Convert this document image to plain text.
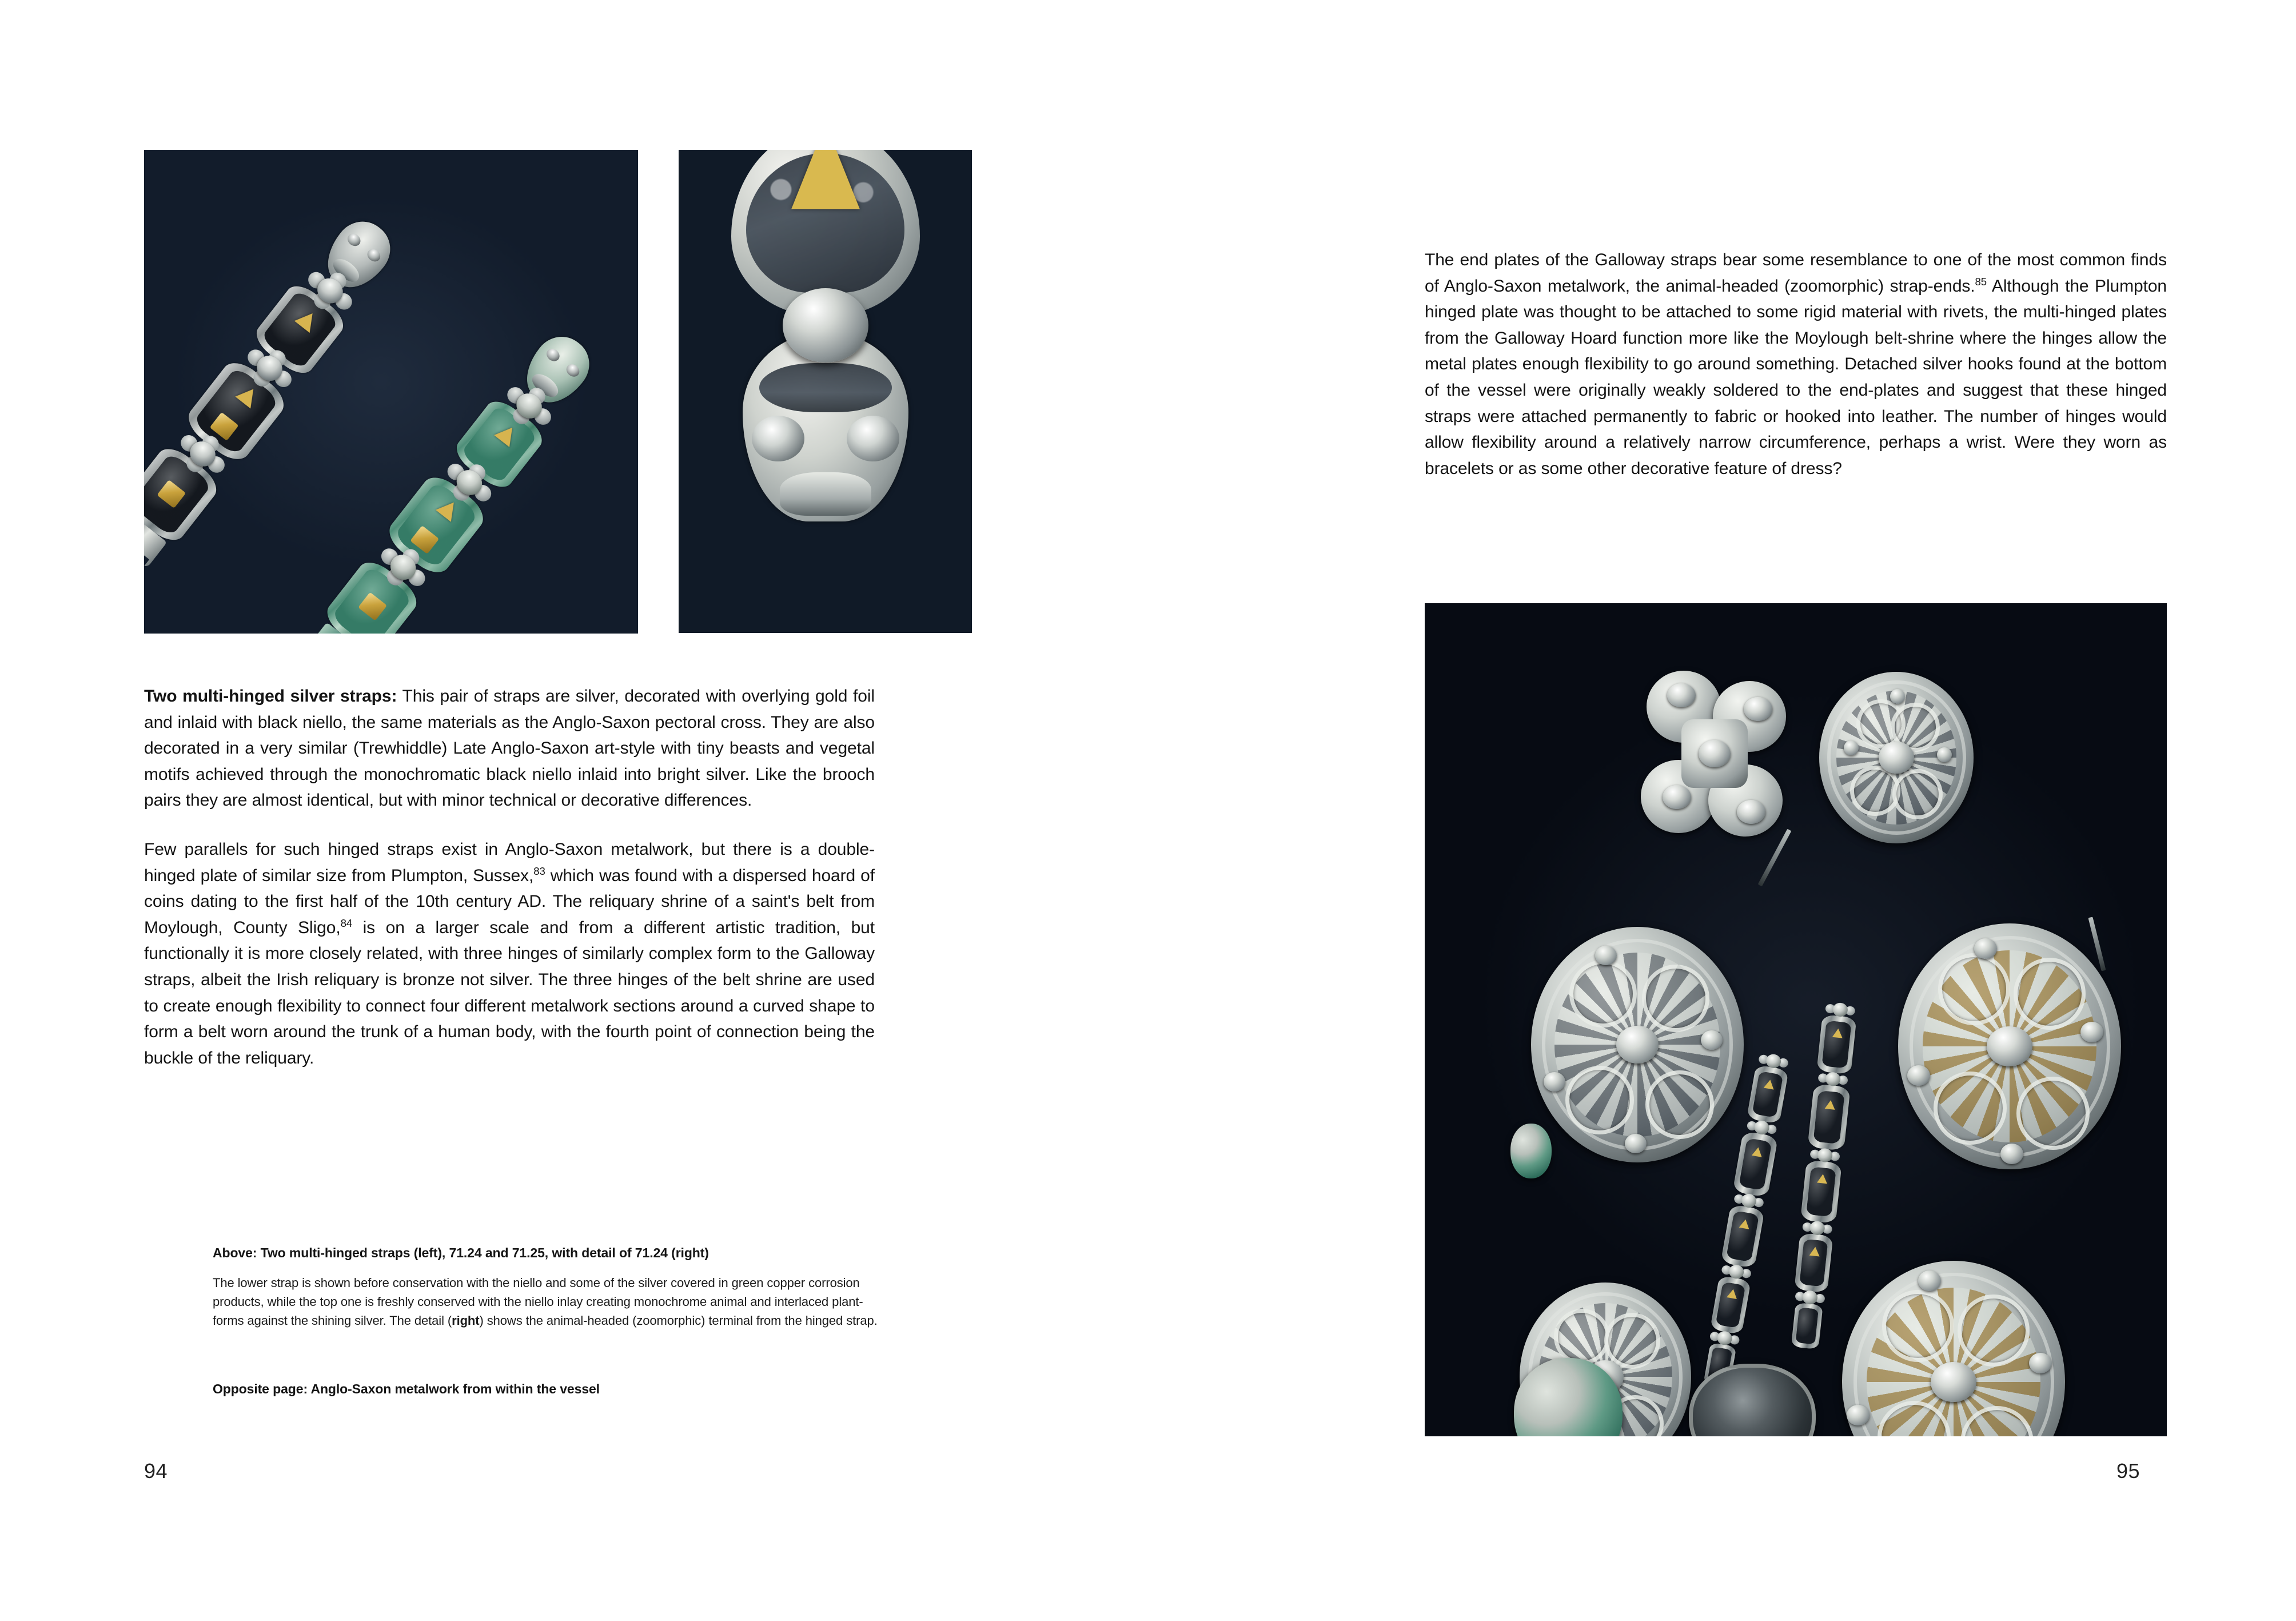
Two multi-hinged silver straps: This pair of straps are silver, decorated with overlying gold foil and inlaid with black niello, the same materials as the Anglo-Saxon pectoral cross. They are also decorated in a very similar (Trewhiddle) Late Anglo-Saxon art-style with tiny beasts and vegetal motifs achieved through the monochromatic black niello inlaid into bright silver. Like the brooch pairs they are almost identical, but with minor technical or decorative differences.

Few parallels for such hinged straps exist in Anglo-Saxon metalwork, but there is a double-hinged plate of similar size from Plumpton, Sussex,$^{83}$ which was found with a dispersed hoard of coins dating to the first half of the 10th century AD. The reliquary shrine of a saint's belt from Moylough, County Sligo,$^{84}$ is on a larger scale and from a different artistic tradition, but functionally it is more closely related, with three hinges of similarly complex form to the Galloway straps, albeit the Irish reliquary is bronze not silver. The three hinges of the belt shrine are used to create enough flexibility to connect four different metalwork sections around a curved shape to form a belt worn around the trunk of a human body, with the fourth point of connection being the buckle of the reliquary.

Above: Two multi-hinged straps (left), 71.24 and 71.25, with detail of 71.24 (right)

The lower strap is shown before conservation with the niello and some of the silver covered in green copper corrosion products, while the top one is freshly conserved with the niello inlay creating monochrome animal and interlaced plant-forms against the shining silver. The detail (right) shows the animal-headed (zoomorphic) terminal from the hinged strap.

Opposite page: Anglo-Saxon metalwork from within the vessel

94

The end plates of the Galloway straps bear some resemblance to one of the most common finds of Anglo-Saxon metalwork, the animal-headed (zoomorphic) strap-ends.$^{85}$ Although the Plumpton hinged plate was thought to be attached to some rigid material with rivets, the multi-hinged plates from the Galloway Hoard function more like the Moylough belt-shrine where the hinges allow the metal plates enough flexibility to go around something. Detached silver hooks found at the bottom of the vessel were originally weakly soldered to the end-plates and suggest that these hinged straps were attached permanently to fabric or hooked into leather. The number of hinges would allow flexibility around a relatively narrow circumference, perhaps a wrist. Were they worn as bracelets or as some other decorative feature of dress?

95
